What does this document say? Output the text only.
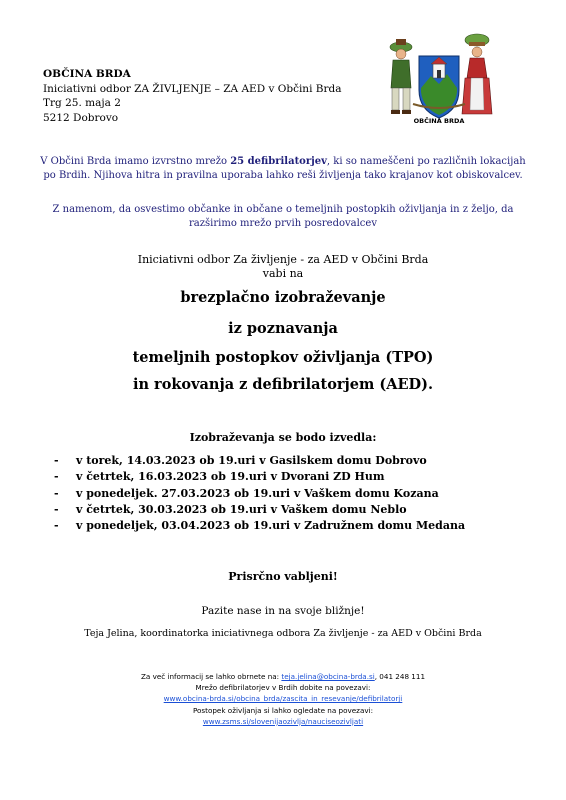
OBČINA BRDA
Iniciativni odbor ZA ŽIVLJENJE – ZA AED v Občini Brda
Trg 25. maja 2
5212 Dobrovo	OBČINA BRDA
V Občini Brda imamo izvrstno mrežo 25 defibrilatorjev, ki so nameščeni po različnih lokacijah po Brdih. Njihova hitra in pravilna uporaba lahko reši življenja tako krajanov kot obiskovalcev.
Z namenom, da osvestimo občanke in občane o temeljnih postopkih oživljanja in z željo, da razširimo mrežo prvih posredovalcev
Iniciativni odbor Za življenje - za AED v Občini Brda
vabi na
brezplačno izobraževanje
iz poznavanja
temeljnih postopkov oživljanja (TPO)
in rokovanja z defibrilatorjem (AED).
Izobraževanja se bodo izvedla:
- v torek, 14.03.2023 ob 19.uri v Gasilskem domu Dobrovo
- v četrtek, 16.03.2023 ob 19.uri v Dvorani ZD Hum
- v ponedeljek. 27.03.2023 ob 19.uri v Vaškem domu Kozana
- v četrtek, 30.03.2023 ob 19.uri v Vaškem domu Neblo
- v ponedeljek, 03.04.2023 ob 19.uri v Zadružnem domu Medana
Prisrčno vabljeni!
Pazite nase in na svoje bližnje!
Teja Jelina, koordinatorka iniciativnega odbora Za življenje - za AED v Občini Brda
Za več informacij se lahko obrnete na: teja.jelina@obcina-brda.si, 041 248 111
Mrežo defibrilatorjev v Brdih dobite na povezavi:
www.obcina-brda.si/obcina_brda/zascita_in_resevanje/defibrilatorji
Postopek oživljanja si lahko ogledate na povezavi:
www.zsms.si/slovenijaozivlja/nauciseozivljati
